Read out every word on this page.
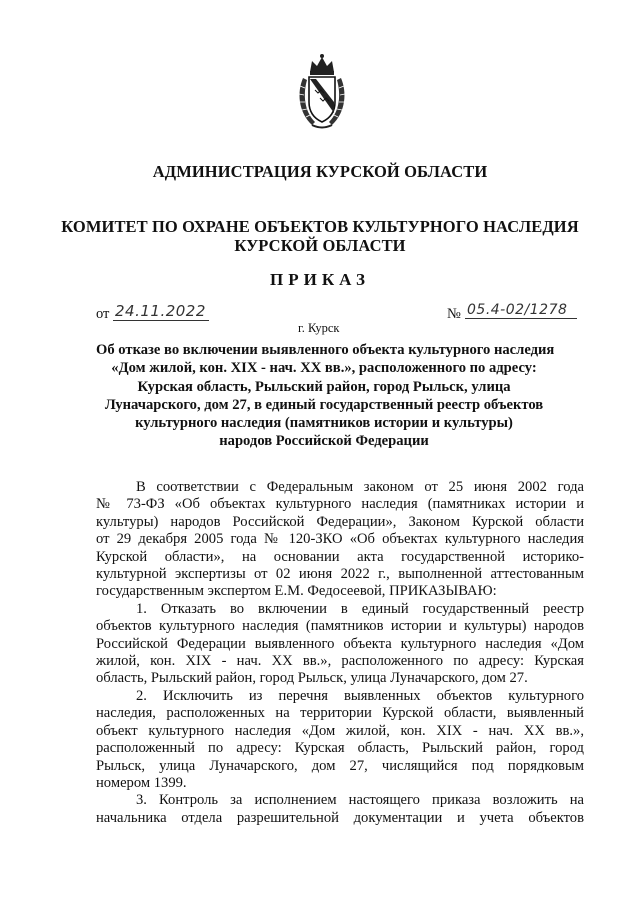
АДМИНИСТРАЦИЯ КУРСКОЙ ОБЛАСТИ
КОМИТЕТ ПО ОХРАНЕ ОБЪЕКТОВ КУЛЬТУРНОГО НАСЛЕДИЯ
КУРСКОЙ ОБЛАСТИ
ПРИКАЗ
от 24.11.2022	№ 05.4-02/1278
г. Курск
Об отказе во включении выявленного объекта культурного наследия
«Дом жилой, кон. XIX - нач. XX вв.», расположенного по адресу:
Курская область, Рыльский район, город Рыльск, улица
Луначарского, дом 27, в единый государственный реестр объектов
культурного наследия (памятников истории и культуры)
народов Российской Федерации
В соответствии с Федеральным законом от 25 июня 2002 года
№ 73-ФЗ «Об объектах культурного наследия (памятниках истории и
культуры) народов Российской Федерации», Законом Курской области
от 29 декабря 2005 года № 120-ЗКО «Об объектах культурного наследия
Курской области», на основании акта государственной историко-
культурной экспертизы от 02 июня 2022 г., выполненной аттестованным
государственным экспертом Е.М. Федосеевой, ПРИКАЗЫВАЮ:
1. Отказать во включении в единый государственный реестр
объектов культурного наследия (памятников истории и культуры) народов
Российской Федерации выявленного объекта культурного наследия «Дом
жилой, кон. XIX - нач. XX вв.», расположенного по адресу: Курская
область, Рыльский район, город Рыльск, улица Луначарского, дом 27.
2. Исключить из перечня выявленных объектов культурного
наследия, расположенных на территории Курской области, выявленный
объект культурного наследия «Дом жилой, кон. XIX - нач. XX вв.»,
расположенный по адресу: Курская область, Рыльский район, город
Рыльск, улица Луначарского, дом 27, числящийся под порядковым
номером 1399.
3. Контроль за исполнением настоящего приказа возложить на
начальника отдела разрешительной документации и учета объектов
